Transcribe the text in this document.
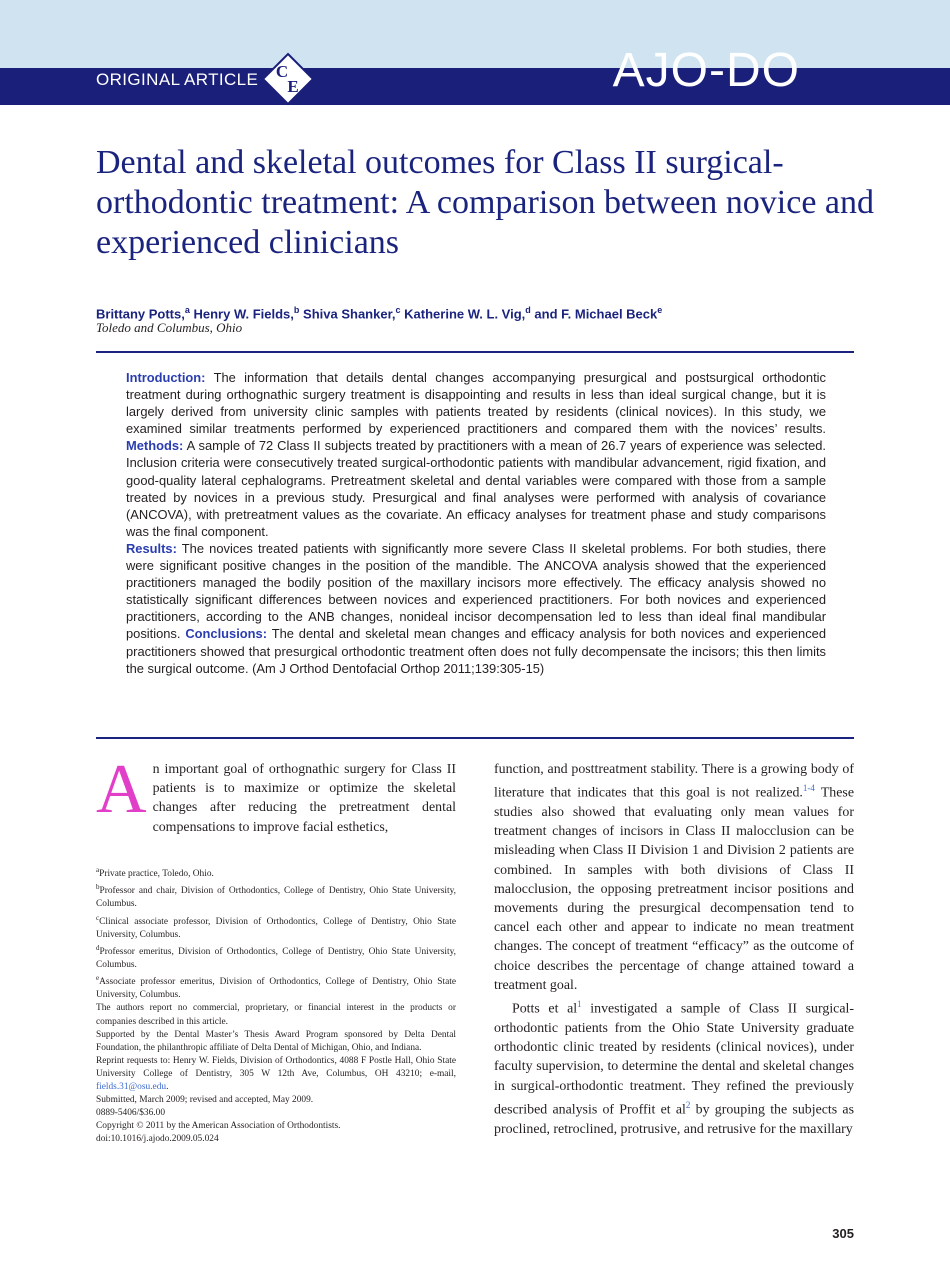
ORIGINAL ARTICLE C
E	AJO-DO
Dental and skeletal outcomes for Class II surgical-orthodontic treatment: A comparison between novice and experienced clinicians
Brittany Potts,$^a$ Henry W. Fields,$^b$ Shiva Shanker,$^c$ Katherine W. L. Vig,$^d$ and F. Michael Beck$^e$
Toledo and Columbus, Ohio

Introduction: The information that details dental changes accompanying presurgical and postsurgical orthodontic treatment during orthognathic surgery treatment is disappointing and results in less than ideal surgical change, but it is largely derived from university clinic samples with patients treated by residents (clinical novices). In this study, we examined similar treatments performed by experienced practitioners and compared them with the novices’ results. Methods: A sample of 72 Class II subjects treated by practitioners with a mean of 26.7 years of experience was selected. Inclusion criteria were consecutively treated surgical-orthodontic patients with mandibular advancement, rigid fixation, and good-quality lateral cephalograms. Pretreatment skeletal and dental variables were compared with those from a sample treated by novices in a previous study. Presurgical and final analyses were performed with analysis of covariance (ANCOVA), with pretreatment values as the covariate. An efficacy analyses for treatment phase and study comparisons was the final component.
Results: The novices treated patients with significantly more severe Class II skeletal problems. For both studies, there were significant positive changes in the position of the mandible. The ANCOVA analysis showed that the experienced practitioners managed the bodily position of the maxillary incisors more effectively. The efficacy analysis showed no statistically significant differences between novices and experienced practitioners. For both novices and experienced practitioners, according to the ANB changes, nonideal incisor decompensation led to less than ideal final mandibular positions. Conclusions: The dental and skeletal mean changes and efficacy analysis for both novices and experienced practitioners showed that presurgical orthodontic treatment often does not fully decompensate the incisors; this then limits the surgical outcome. (Am J Orthod Dentofacial Orthop 2011;139:305-15)

An important goal of orthognathic surgery for Class II patients is to maximize or optimize the skeletal changes after reducing the pretreatment dental compensations to improve facial esthetics,

$^a$Private practice, Toledo, Ohio.

$^b$Professor and chair, Division of Orthodontics, College of Dentistry, Ohio State University, Columbus.

$^c$Clinical associate professor, Division of Orthodontics, College of Dentistry, Ohio State University, Columbus.

$^d$Professor emeritus, Division of Orthodontics, College of Dentistry, Ohio State University, Columbus.

$^e$Associate professor emeritus, Division of Orthodontics, College of Dentistry, Ohio State University, Columbus.

The authors report no commercial, proprietary, or financial interest in the products or companies described in this article.

Supported by the Dental Master’s Thesis Award Program sponsored by Delta Dental Foundation, the philanthropic affiliate of Delta Dental of Michigan, Ohio, and Indiana.

Reprint requests to: Henry W. Fields, Division of Orthodontics, 4088 F Postle Hall, Ohio State University College of Dentistry, 305 W 12th Ave, Columbus, OH 43210; e-mail, fields.31@osu.edu.

Submitted, March 2009; revised and accepted, May 2009.

0889-5406/$36.00

Copyright © 2011 by the American Association of Orthodontists.

doi:10.1016/j.ajodo.2009.05.024

function, and posttreatment stability. There is a growing body of literature that indicates that this goal is not realized.$^{1-4}$ These studies also showed that evaluating only mean values for treatment changes of incisors in Class II malocclusion can be misleading when Class II Division 1 and Division 2 patients are combined. In samples with both divisions of Class II malocclusion, the opposing pretreatment incisor positions and movements during the presurgical decompensation tend to cancel each other and appear to indicate no mean treatment changes. The concept of treatment “efficacy” as the outcome of choice describes the percentage of change attained toward a treatment goal.

Potts et $al^1$ investigated a sample of Class II surgical-orthodontic patients from the Ohio State University graduate orthodontic clinic treated by residents (clinical novices), under faculty supervision, to determine the dental and skeletal changes in surgical-orthodontic treatment. They refined the previously described analysis of Proffit et $al^2$ by grouping the subjects as proclined, retroclined, protrusive, and retrusive for the maxillary

305
